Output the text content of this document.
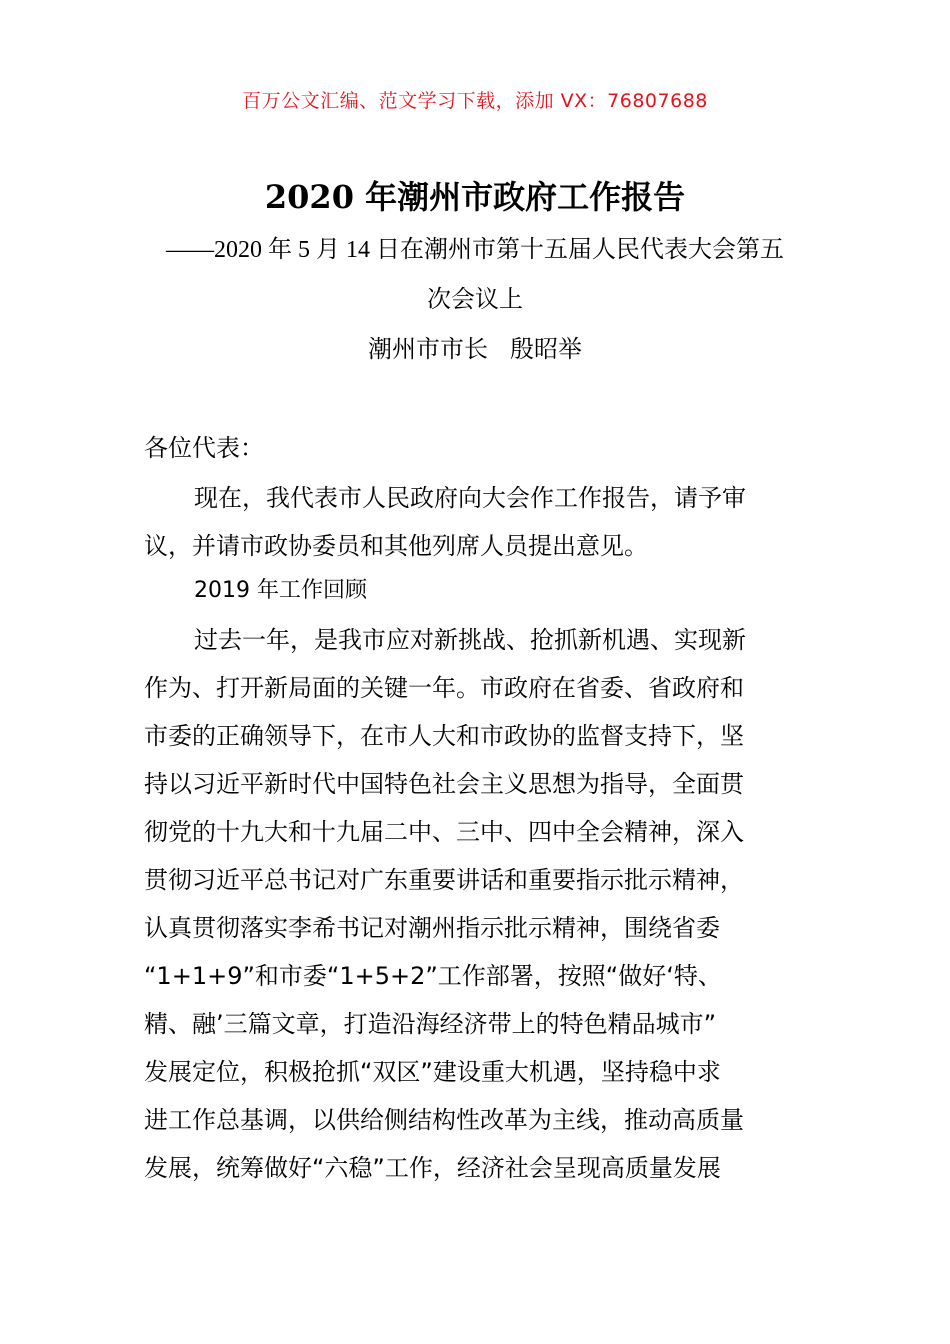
百万公文汇编、范文学习下载，添加 VX：76807688
2020 年潮州市政府工作报告
——2020 年 5 月 14 日在潮州市第十五届人民代表大会第五
次会议上
潮州市市长 殷昭举
各位代表：
现在，我代表市人民政府向大会作工作报告，请予审
议，并请市政协委员和其他列席人员提出意见。
2019 年工作回顾
过去一年，是我市应对新挑战、抢抓新机遇、实现新
作为、打开新局面的关键一年。市政府在省委、省政府和
市委的正确领导下，在市人大和市政协的监督支持下，坚
持以习近平新时代中国特色社会主义思想为指导，全面贯
彻党的十九大和十九届二中、三中、四中全会精神，深入
贯彻习近平总书记对广东重要讲话和重要指示批示精神，
认真贯彻落实李希书记对潮州指示批示精神，围绕省委
“1+1+9”和市委“1+5+2”工作部署，按照“做好‘特、
精、融’三篇文章，打造沿海经济带上的特色精品城市”
发展定位，积极抢抓“双区”建设重大机遇，坚持稳中求
进工作总基调，以供给侧结构性改革为主线，推动高质量
发展，统筹做好“六稳”工作，经济社会呈现高质量发展
